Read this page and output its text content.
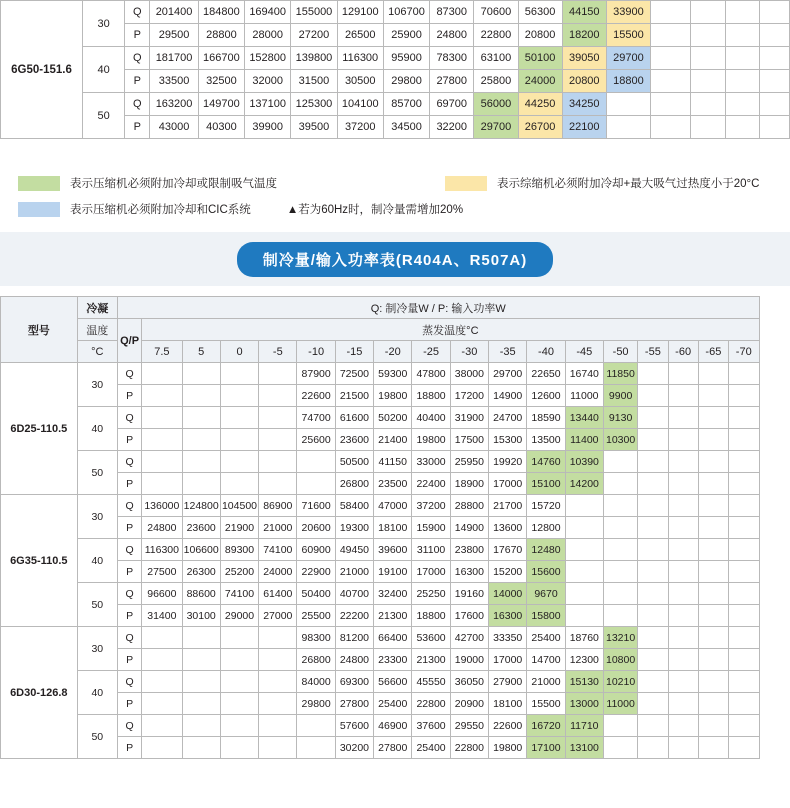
6G50-151.6	30	Q	201400	184800	169400	155000	129100	106700	87300	70600	56300	44150	33900				
		P	29500	28800	28000	27200	26500	25900	24800	22800	20800	18200	15500				
	40	Q	181700	166700	152800	139800	116300	95900	78300	63100	50100	39050	29700				
		P	33500	32500	32000	31500	30500	29800	27800	25800	24000	20800	18800				
	50	Q	163200	149700	137100	125300	104100	85700	69700	56000	44250	34250					
		P	43000	40300	39900	39500	37200	34500	32200	29700	26700	22100					
表示压缩机必须附加冷却或限制吸气温度	表示综缩机必须附加冷却+最大吸气过热度小于20°C
表示压缩机必须附加冷却和CIC系统	▲若为60Hz时，制冷量需增加20%
制冷量/输入功率表(R404A、R507A)
型号	冷凝	Q: 制冷量W / P: 输入功率W																	
	温度	Q/P	蒸发温度°C																
	°C		7.5	5	0	-5	-10	-15	-20	-25	-30	-35	-40	-45	-50	-55	-60	-65	-70
6D25-110.5	30	Q					87900	72500	59300	47800	38000	29700	22650	16740	11850				
		P					22600	21500	19800	18800	17200	14900	12600	11000	9900				
	40	Q					74700	61600	50200	40400	31900	24700	18590	13440	9130				
		P					25600	23600	21400	19800	17500	15300	13500	11400	10300				
	50	Q						50500	41150	33000	25950	19920	14760	10390					
		P						26800	23500	22400	18900	17000	15100	14200					
6G35-110.5	30	Q	136000	124800	104500	86900	71600	58400	47000	37200	28800	21700	15720						
		P	24800	23600	21900	21000	20600	19300	18100	15900	14900	13600	12800						
	40	Q	116300	106600	89300	74100	60900	49450	39600	31100	23800	17670	12480						
		P	27500	26300	25200	24000	22900	21000	19100	17000	16300	15200	15600						
	50	Q	96600	88600	74100	61400	50400	40700	32400	25250	19160	14000	9670						
		P	31400	30100	29000	27000	25500	22200	21300	18800	17600	16300	15800						
6D30-126.8	30	Q					98300	81200	66400	53600	42700	33350	25400	18760	13210				
		P					26800	24800	23300	21300	19000	17000	14700	12300	10800				
	40	Q					84000	69300	56600	45550	36050	27900	21000	15130	10210				
		P					29800	27800	25400	22800	20900	18100	15500	13000	11000				
	50	Q						57600	46900	37600	29550	22600	16720	11710					
		P						30200	27800	25400	22800	19800	17100	13100					
